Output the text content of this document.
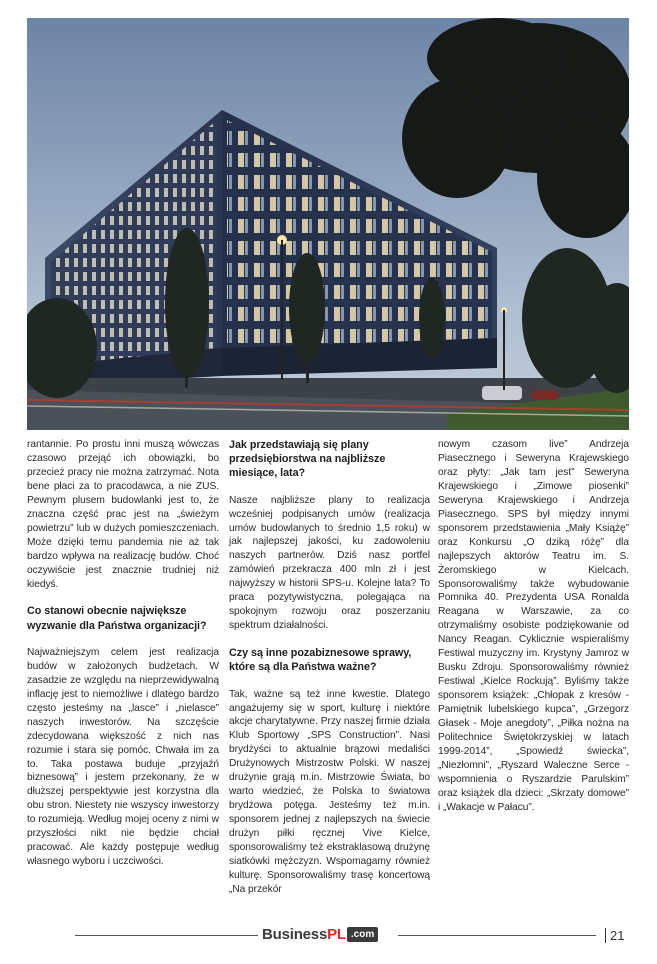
rantannie. Po prostu inni muszą wówczas czasowo przejąć ich obowiązki, bo przecież pracy nie można zatrzymać. Nota bene płaci za to pracodawca, a nie ZUS. Pewnym plusem budowlanki jest to, że znaczna część prac jest na „świeżym powietrzu” lub w dużych pomieszczeniach. Może dzięki temu pandemia nie aż tak bardzo wpływa na realizację budów. Choć oczywiście jest znacznie trudniej niż kiedyś.

Co stanowi obecnie największe wyzwanie dla Państwa organizacji?

Najważniejszym celem jest realizacja budów w założonych budżetach. W zasadzie ze względu na nieprzewidywalną inflację jest to niemożliwe i dlatego bardzo często jesteśmy na „lasce” i „nielasce” naszych inwestorów. Na szczęście zdecydowana większość z nich nas rozumie i stara się pomóc. Chwała im za to. Taka postawa buduje „przyjaźń biznesową” i jestem przekonany, że w dłuższej perspektywie jest korzystna dla obu stron. Niestety nie wszyscy inwestorzy to rozumieją. Według mojej oceny z nimi w przyszłości nikt nie będzie chciał pracować. Ale każdy postępuje według własnego wyboru i uczciwości.

Jak przedstawiają się plany przedsiębiorstwa na najbliższe miesiące, lata?

Nasze najbliższe plany to realizacja wcześniej podpisanych umów (realizacja umów budowlanych to średnio 1,5 roku) w jak najlepszej jakości, ku zadowoleniu naszych partnerów. Dziś nasz portfel zamówień przekracza 400 mln zł i jest najwyższy w historii SPS-u. Kolejne lata? To praca pozytywistyczna, polegająca na spokojnym rozwoju oraz poszerzaniu spektrum działalności.

Czy są inne pozabiznesowe sprawy, które są dla Państwa ważne?

Tak, ważne są też inne kwestie. Dlatego angażujemy się w sport, kulturę i niektóre akcje charytatywne. Przy naszej firmie działa Klub Sportowy „SPS Construction”. Nasi brydżyści to aktualnie brązowi medaliści Drużynowych Mistrzostw Polski. W naszej drużynie grają m.in. Mistrzowie Świata, bo warto wiedzieć, że Polska to światowa brydżowa potęga. Jesteśmy też m.in. sponsorem jednej z najlepszych na świecie drużyn piłki ręcznej Vive Kielce, sponsorowaliśmy też ekstraklasową drużynę siatkówki mężczyzn. Wspomagamy również kulturę. Sponsorowaliśmy trasę koncertową „Na przekór

nowym czasom live” Andrzeja Piasecznego i Seweryna Krajewskiego oraz płyty: „Jak tam jest” Seweryna Krajewskiego i „Zimowe piosenki” Seweryna Krajewskiego i Andrzeja Piasecznego. SPS był między innymi sponsorem przedstawienia „Mały Książę” oraz Konkursu „O dziką różę” dla najlepszych aktorów Teatru im. S. Żeromskiego w Kielcach. Sponsorowaliśmy także wybudowanie Pomnika 40. Prezydenta USA Ronalda Reagana w Warszawie, za co otrzymaliśmy osobiste podziękowanie od Nancy Reagan. Cyklicznie wspieraliśmy Festiwal muzyczny im. Krystyny Jamroz w Busku Zdroju. Sponsorowaliśmy również Festiwal „Kielce Rockują”. Byliśmy także sponsorem książek: „Chłopak z kresów - Pamiętnik lubelskiego kupca”, „Grzegorz Głasek - Moje anegdoty”, „Piłka nożna na Politechnice Świętokrzyskiej w latach 1999-2014”, „Spowiedź świecka”, „Niezłomni”, „Ryszard Waleczne Serce - wspomnienia o Ryszardzie Parulskim” oraz książek dla dzieci: „Skrzaty domowe” i „Wakacje w Pałacu”.

Business PL .com	21
